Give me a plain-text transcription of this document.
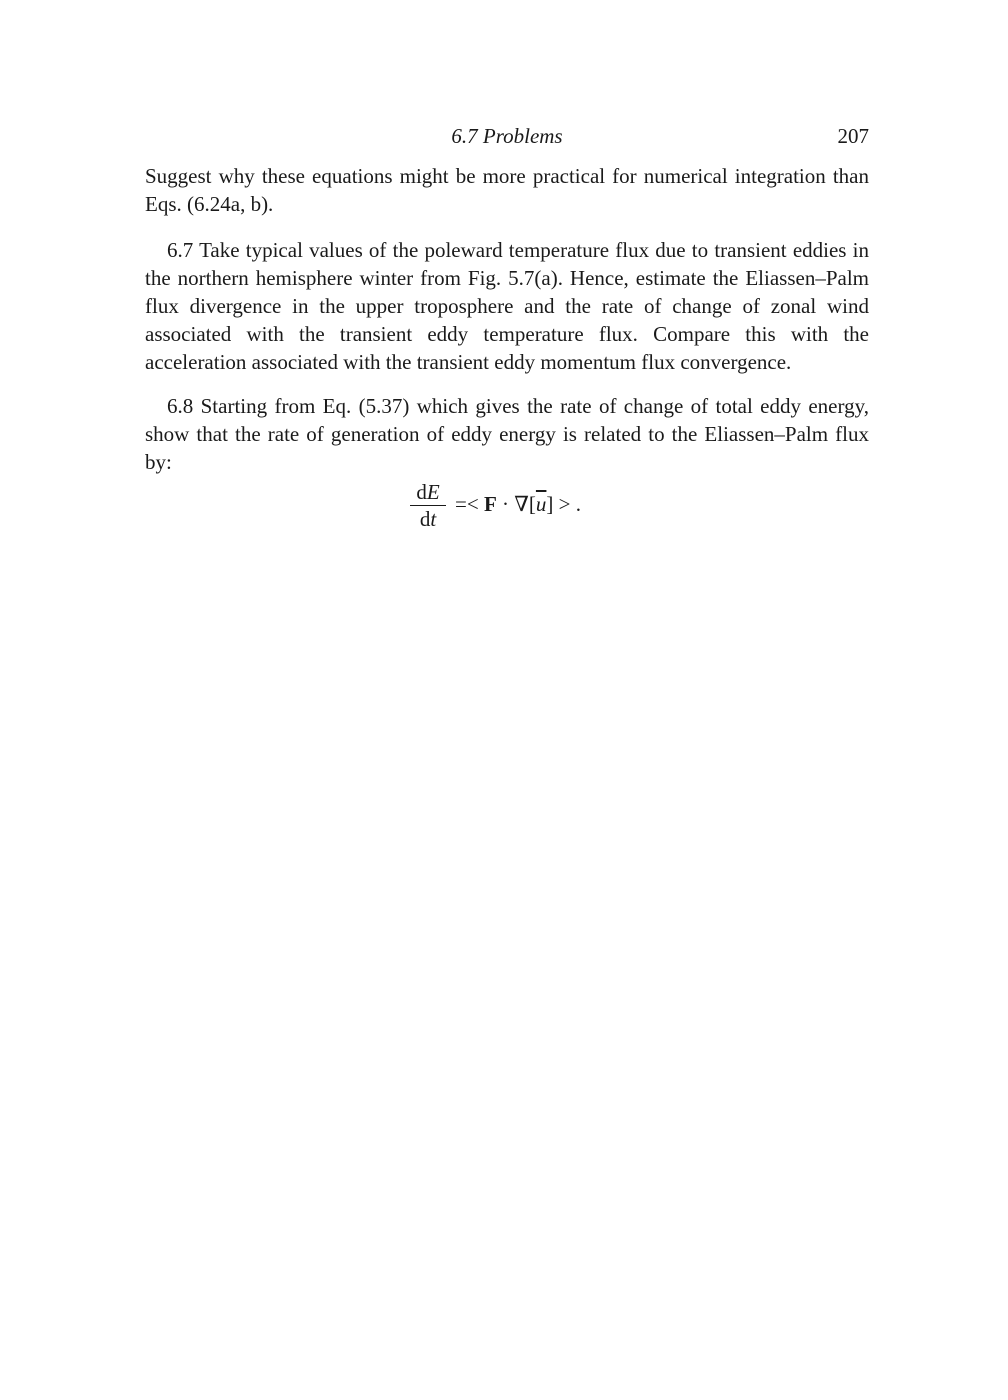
6.7 Problems	207

Suggest why these equations might be more practical for numerical integration than Eqs. (6.24a, b).

6.7 Take typical values of the poleward temperature flux due to transient eddies in the northern hemisphere winter from Fig. 5.7(a). Hence, estimate the Eliassen–Palm flux divergence in the upper troposphere and the rate of change of zonal wind associated with the transient eddy temperature flux. Compare this with the acceleration associated with the transient eddy momentum flux convergence.

6.8 Starting from Eq. (5.37) which gives the rate of change of total eddy energy, show that the rate of generation of eddy energy is related to the Eliassen–Palm flux by:

dE
dt
=< $F \cdot \nabla[\overline{u}]$ > .
